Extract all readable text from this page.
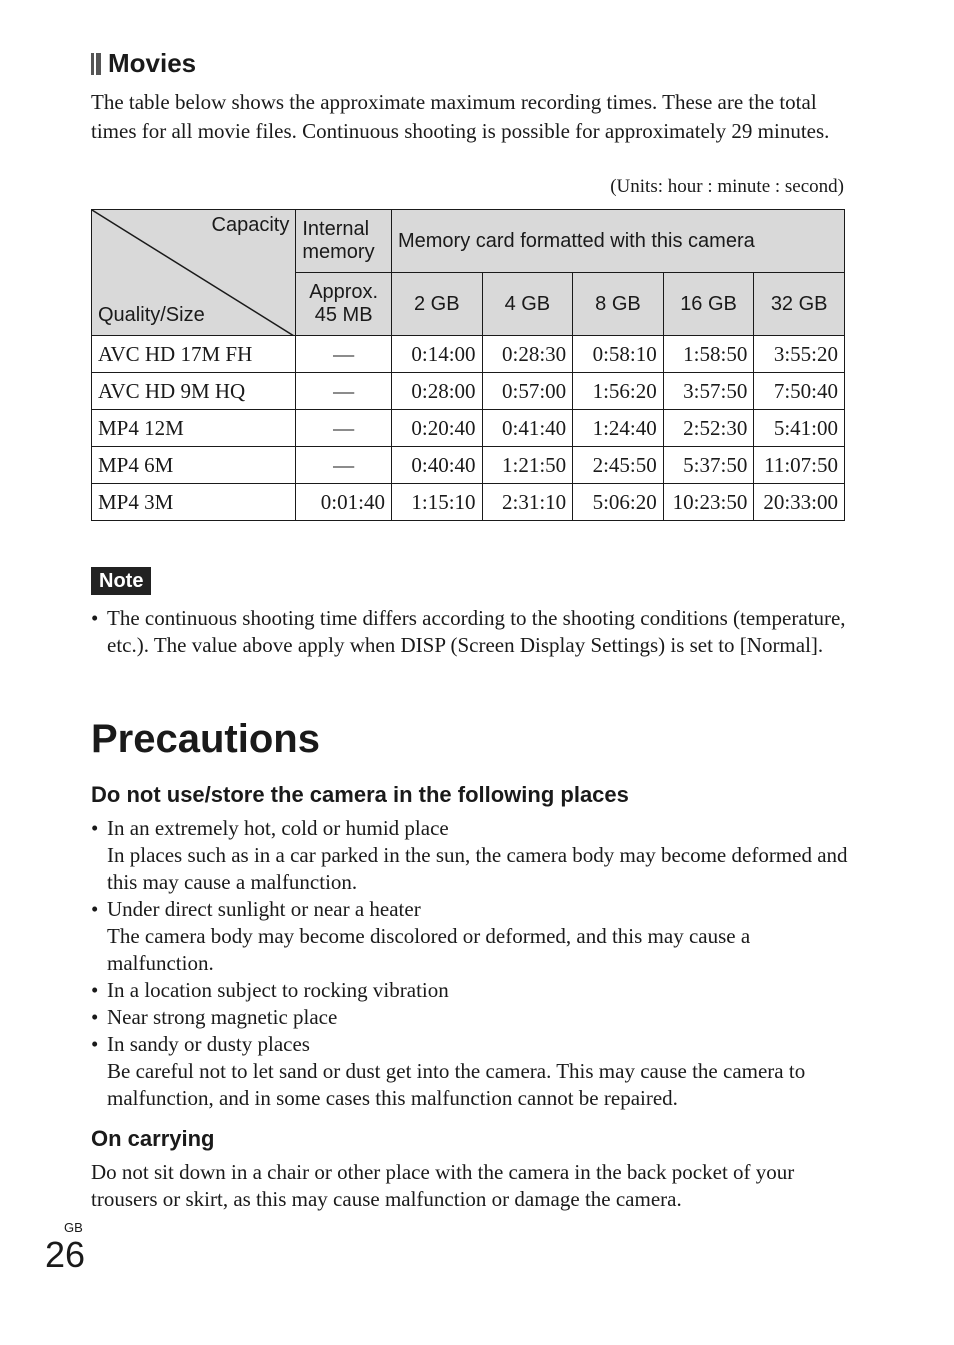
Movies

The table below shows the approximate maximum recording times. These are the total times for all movie files. Continuous shooting is possible for approximately 29 minutes.

(Units: hour : minute : second)
Capacity
Quality/Size	Internal memory	Memory card formatted with this camera				
	Approx. 45 MB	2 GB	4 GB	8 GB	16 GB	32 GB
AVC HD 17M FH	—	0:14:00	0:28:30	0:58:10	1:58:50	3:55:20
AVC HD 9M HQ	—	0:28:00	0:57:00	1:56:20	3:57:50	7:50:40
MP4 12M	—	0:20:40	0:41:40	1:24:40	2:52:30	5:41:00
MP4 6M	—	0:40:40	1:21:50	2:45:50	5:37:50	11:07:50
MP4 3M	0:01:40	1:15:10	2:31:10	5:06:20	10:23:50	20:33:00
Note
• The continuous shooting time differs according to the shooting conditions (temperature, etc.). The value above apply when DISP (Screen Display Settings) is set to [Normal].
Precautions
Do not use/store the camera in the following places
• In an extremely hot, cold or humid place
In places such as in a car parked in the sun, the camera body may become deformed and this may cause a malfunction.
• Under direct sunlight or near a heater
The camera body may become discolored or deformed, and this may cause a malfunction.
• In a location subject to rocking vibration
• Near strong magnetic place
• In sandy or dusty places
Be careful not to let sand or dust get into the camera. This may cause the camera to malfunction, and in some cases this malfunction cannot be repaired.
On carrying

Do not sit down in a chair or other place with the camera in the back pocket of your trousers or skirt, as this may cause malfunction or damage the camera.

GB
26
